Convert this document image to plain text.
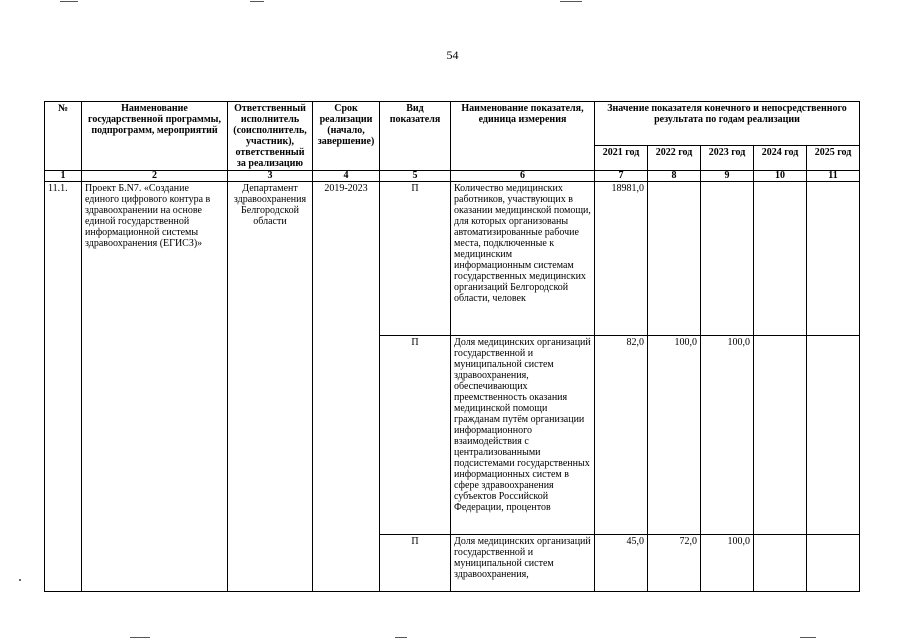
54
№	Наименование государственной программы, подпрограмм, мероприятий	Ответственный исполнитель (соисполнитель, участник), ответственный за реализацию	Срок реализации (начало, завершение)	Вид показателя	Наименование показателя, единица измерения	Значение показателя конечного и непосредственного результата по годам реализации				
						2021 год	2022 год	2023 год	2024 год	2025 год
1	2	3	4	5	6	7	8	9	10	11
11.1.	Проект Б.N7. «Создание единого цифрового контура в здравоохранении на основе единой государственной информационной системы здравоохранения (ЕГИСЗ)»	Департамент здравоохранения Белгородской области	2019-2023	П	Количество медицинских работников, участвующих в оказании медицинской помощи, для которых организованы автоматизированные рабочие места, подключенные к медицинским информационным системам государственных медицинских организаций Белгородской области, человек	18981,0				
				П	Доля медицинских организаций государственной и муниципальной систем здравоохранения, обеспечивающих преемственность оказания медицинской помощи гражданам путём организации информационного взаимодействия с централизованными подсистемами государственных информационных систем в сфере здравоохранения субъектов Российской Федерации, процентов	82,0	100,0	100,0		
				П	Доля медицинских организаций государственной и муниципальной систем здравоохранения,	45,0	72,0	100,0		
